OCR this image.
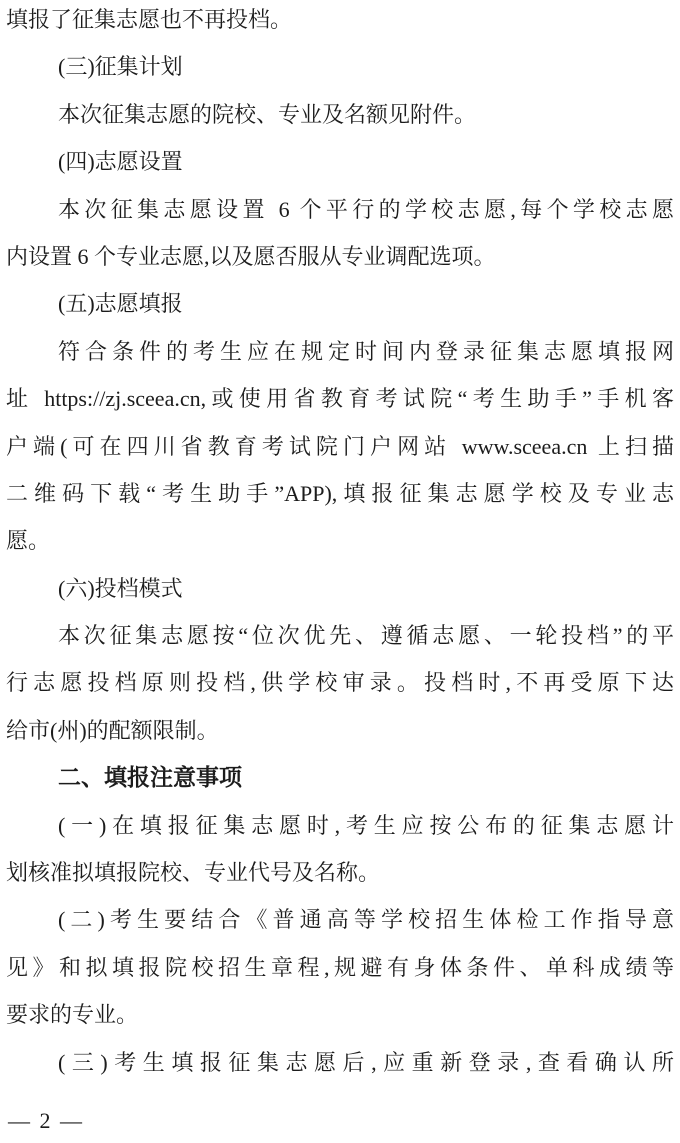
填报了征集志愿也不再投档。
(三)征集计划
本次征集志愿的院校、专业及名额见附件。
(四)志愿设置
本次征集志愿设置 6 个平行的学校志愿,每个学校志愿
内设置 6 个专业志愿,以及愿否服从专业调配选项。
(五)志愿填报
符合条件的考生应在规定时间内登录征集志愿填报网
址 https://zj.sceea.cn,或使用省教育考试院“考生助手”手机客
户端(可在四川省教育考试院门户网站 www.sceea.cn 上扫描
二维码下载“考生助手”APP),填报征集志愿学校及专业志
愿。
(六)投档模式
本次征集志愿按“位次优先、遵循志愿、一轮投档”的平
行志愿投档原则投档,供学校审录。投档时,不再受原下达
给市(州)的配额限制。
二、填报注意事项
(一)在填报征集志愿时,考生应按公布的征集志愿计
划核准拟填报院校、专业代号及名称。
(二)考生要结合《普通高等学校招生体检工作指导意
见》和拟填报院校招生章程,规避有身体条件、单科成绩等
要求的专业。
(三)考生填报征集志愿后,应重新登录,查看确认所
— 2 —
